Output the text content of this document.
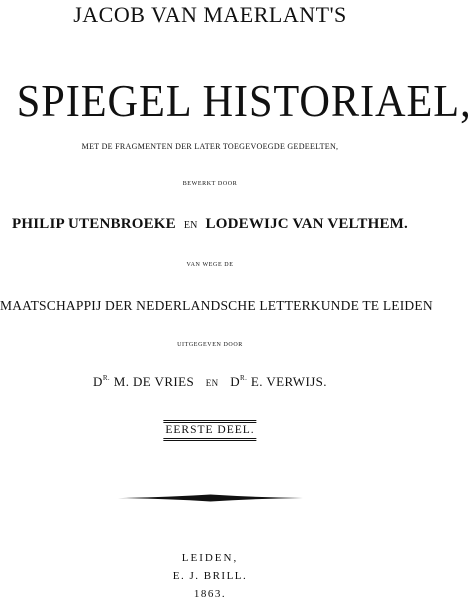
JACOB VAN MAERLANT'S
SPIEGEL HISTORIAEL,
MET DE FRAGMENTEN DER LATER TOEGEVOEGDE GEDEELTEN,
BEWERKT DOOR
PHILIP UTENBROEKE EN LODEWIJC VAN VELTHEM.
VAN WEGE DE
MAATSCHAPPIJ DER NEDERLANDSCHE LETTERKUNDE TE LEIDEN
UITGEGEVEN DOOR
$D^{R.}$ M. DE VRIES EN $D^{R.}$ E. VERWIJS.
EERSTE DEEL.
LEIDEN,
E. J. BRILL.
1863.
